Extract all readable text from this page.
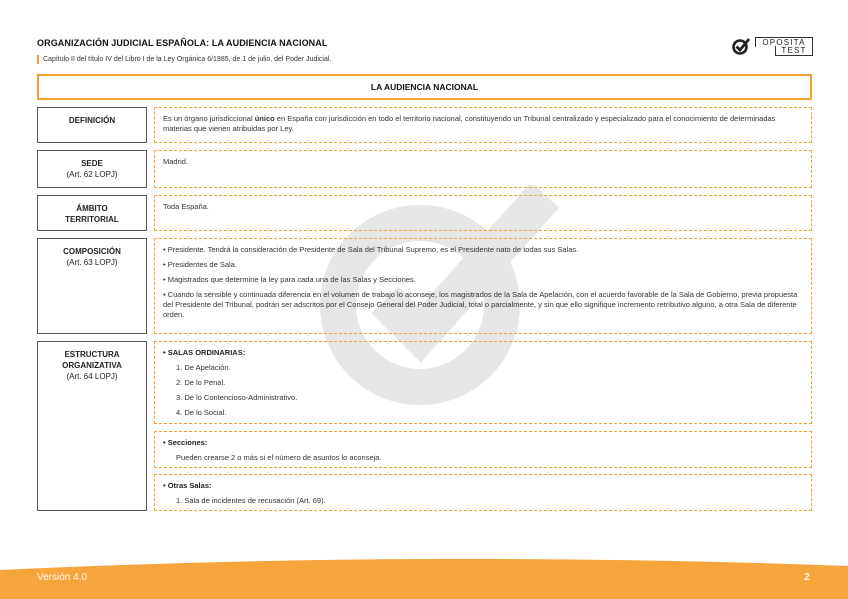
ORGANIZACIÓN JUDICIAL ESPAÑOLA: LA AUDIENCIA NACIONAL
Capítulo II del título IV del Libro I de la Ley Orgánica 6/1985, de 1 de julio, del Poder Judicial.
OPOSITA
TEST
LA AUDIENCIA NACIONAL
DEFINICIÓN	Es un órgano jurisdiccional único en España con jurisdicción en todo el territorio nacional, constituyendo un Tribunal centralizado y especializado para el conocimiento de determinadas materias que vienen atribuidas por Ley.

SEDE
(Art. 62 LOPJ)

Madrid.

ÁMBITO
TERRITORIAL

Toda España.

COMPOSICIÓN
(Art. 63 LOPJ)

• Presidente. Tendrá la consideración de Presidente de Sala del Tribunal Supremo, es el Presidente nato de todas sus Salas.

• Presidentes de Sala.

• Magistrados que determine la ley para cada una de las Salas y Secciones.

• Cuando la sensible y continuada diferencia en el volumen de trabajo lo aconseje, los magistrados de la Sala de Apelación, con el acuerdo favorable de la Sala de Gobierno, previa propuesta del Presidente del Tribunal, podrán ser adscritos por el Consejo General del Poder Judicial, total o parcialmente, y sin que ello signifique incremento retributivo alguno, a otra Sala de diferente orden.

ESTRUCTURA
ORGANIZATIVA
(Art. 64 LOPJ)

• SALAS ORDINARIAS:

1. De Apelación.

2. De lo Penal.

3. De lo Contencioso-Administrativo.

4. De lo Social.

• Secciones:

Pueden crearse 2 o más si el número de asuntos lo aconseja.

• Otras Salas:

1. Sala de incidentes de recusación (Art. 69).

Versión 4.0	2
